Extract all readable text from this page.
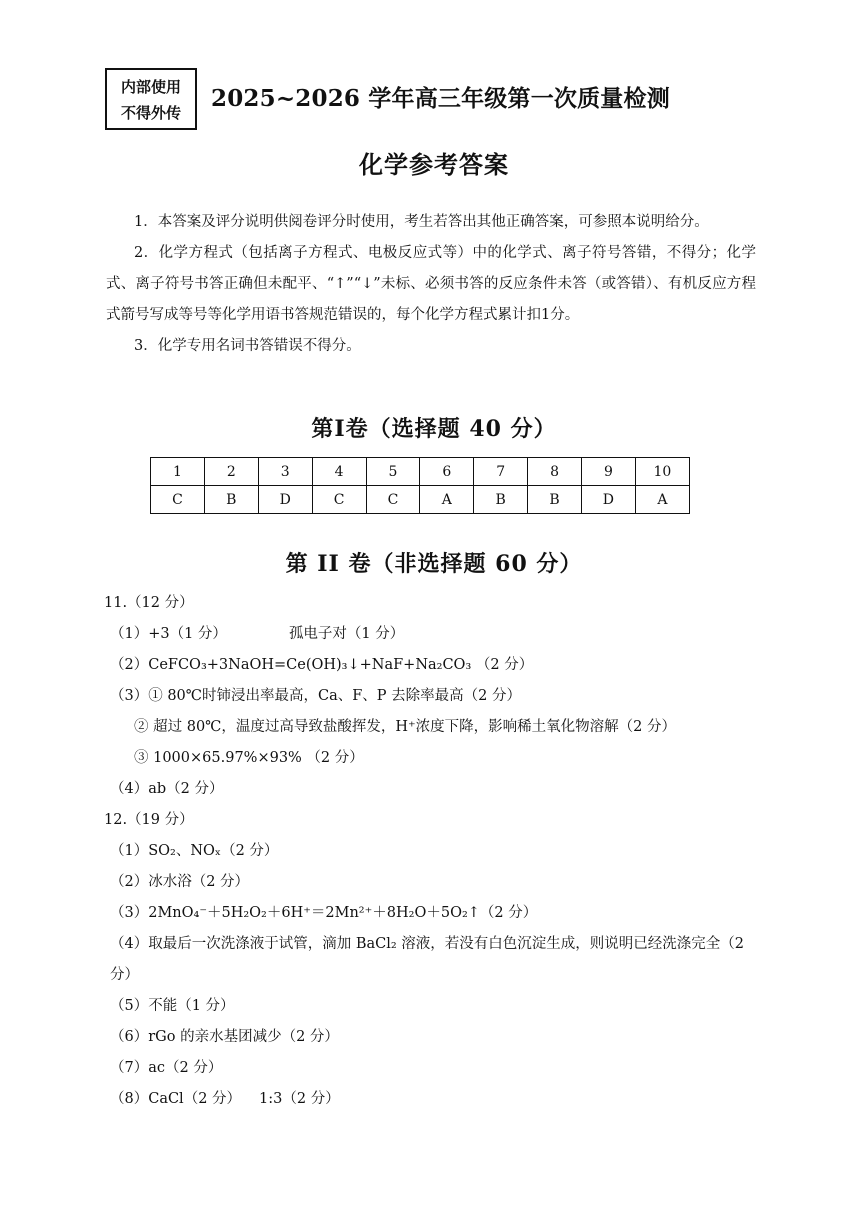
内部使用
不得外传
2025~2026 学年高三年级第一次质量检测
化学参考答案

1．本答案及评分说明供阅卷评分时使用，考生若答出其他正确答案，可参照本说明给分。

2．化学方程式（包括离子方程式、电极反应式等）中的化学式、离子符号答错，不得分；化学式、离子符号书答正确但未配平、“↑”“↓”未标、必须书答的反应条件未答（或答错）、有机反应方程式箭号写成等号等化学用语书答规范错误的，每个化学方程式累计扣1分。

3．化学专用名词书答错误不得分。

第I卷（选择题 40 分）
1	2	3	4	5	6	7	8	9	10
C	B	D	C	C	A	B	B	D	A
第 II 卷（非选择题 60 分）
11.（12 分）
（1）+3（1 分）	孤电子对（1 分）
（2）CeFCO₃+3NaOH=Ce(OH)₃↓+NaF+Na₂CO₃ （2 分）
（3）① 80℃时铈浸出率最高，Ca、F、P 去除率最高（2 分）
② 超过 80℃，温度过高导致盐酸挥发，H⁺浓度下降，影响稀土氧化物溶解（2 分）
③ 1000×65.97%×93% （2 分）
（4）ab（2 分）
12.（19 分）
（1）SO₂、NOₓ（2 分）
（2）冰水浴（2 分）
（3）2MnO₄⁻＋5H₂O₂＋6H⁺＝2Mn²⁺＋8H₂O＋5O₂↑（2 分）
（4）取最后一次洗涤液于试管，滴加 BaCl₂ 溶液，若没有白色沉淀生成，则说明已经洗涤完全（2 分）
（5）不能（1 分）
（6）rGo 的亲水基团减少（2 分）
（7）ac（2 分）
（8）CaCl（2 分） 1:3（2 分）
